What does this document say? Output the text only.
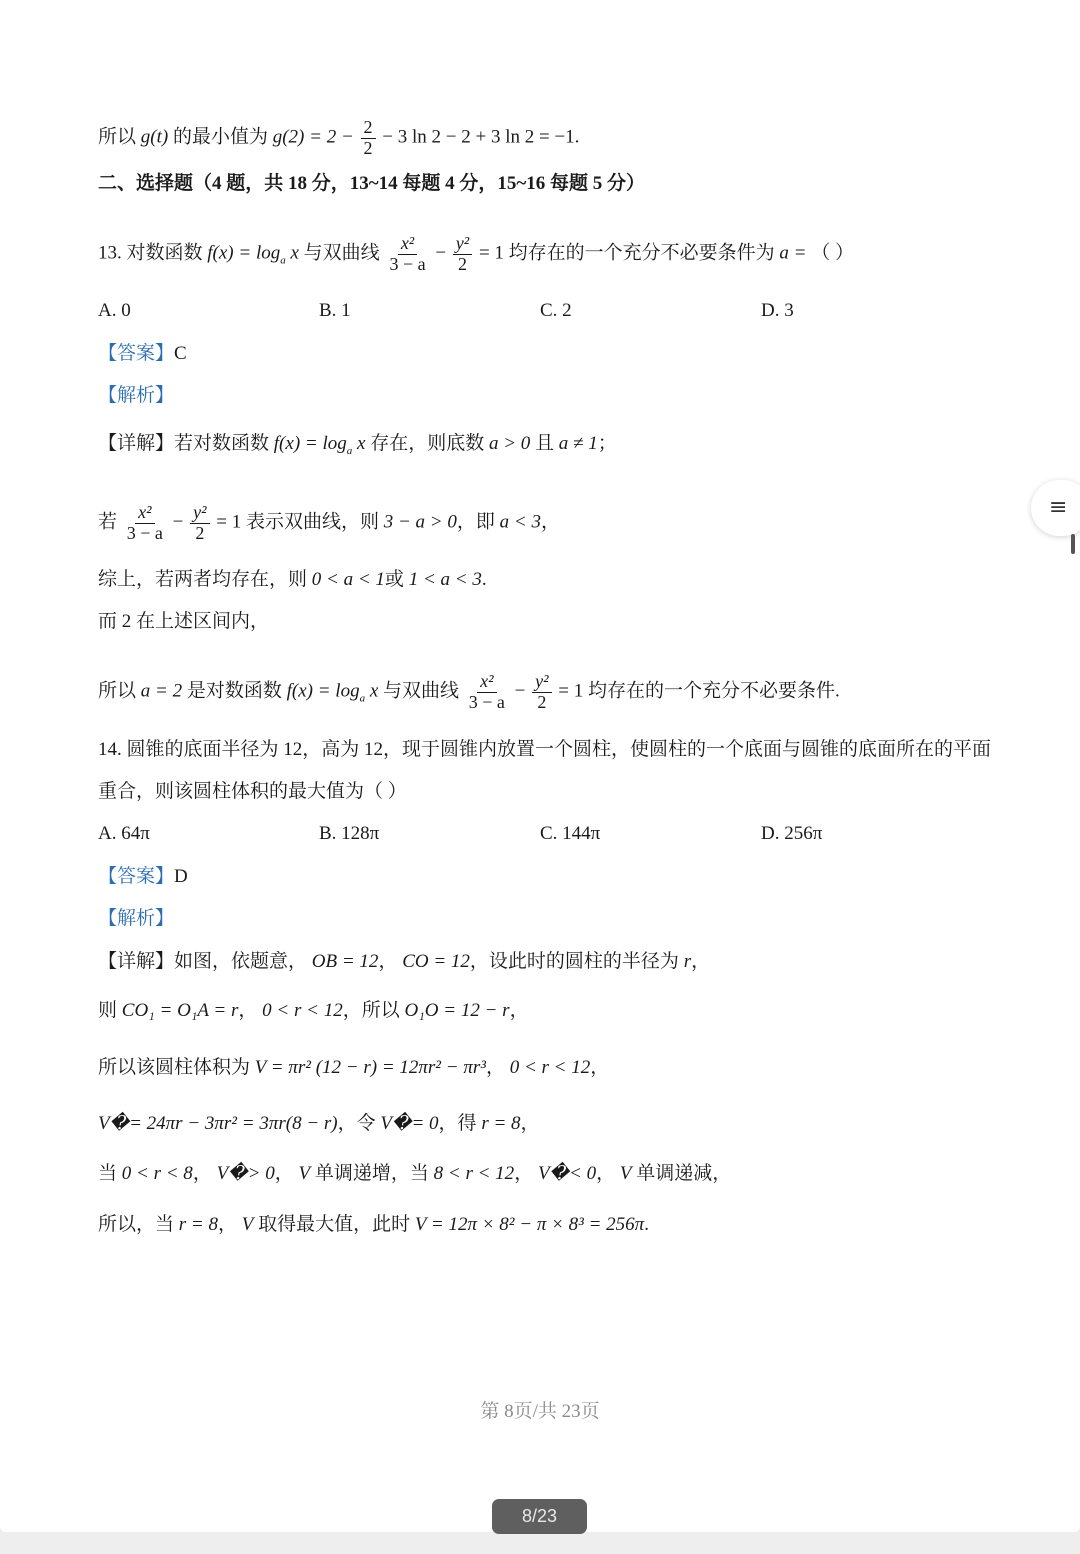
所以 g(t) 的最小值为 $g(2) = 2 - \frac{2}{2} - 3$ ln 2 − 2 + 3 ln 2 = −1.
二、选择题（4 题，共 18 分，13~14 每题 4 分，15~16 每题 5 分）
13. 对数函数 $f(x) = \log_a x$ 与双曲线 $\frac{\text{x²}}{3 - a} - \frac{\text{y²}}{2} = 1$ 均存在的一个充分不必要条件为 a = （ ）
A. 0	B. 1	C. 2	D. 3
【答案】C
【解析】
【详解】若对数函数 $f(x) = \log_a x$ 存在，则底数 a > 0 且 a ≠ 1；
若 $\frac{\text{x²}}{3 - a} - \frac{\text{y²}}{2} = 1$ 表示双曲线，则 3 − a > 0，即 a < 3，
综上，若两者均存在，则 0 < a < 1或 1 < a < 3.
而 2 在上述区间内，
所以 a = 2 是对数函数 $f(x) = \log_a x$ 与双曲线 $\frac{\text{x²}}{3 - a} - \frac{\text{y²}}{2} = 1$ 均存在的一个充分不必要条件.
14. 圆锥的底面半径为 12，高为 12，现于圆锥内放置一个圆柱，使圆柱的一个底面与圆锥的底面所在的平面
重合，则该圆柱体积的最大值为（ ）
A. 64π	B. 128π	C. 144π	D. 256π
【答案】D
【解析】
【详解】如图，依题意， OB = 12， CO = 12，设此时的圆柱的半径为 r，
则 CO₁ = O₁A = r， 0 < r < 12，所以 O₁O = 12 − r，
所以该圆柱体积为 V = πr² (12 − r) = 12πr² − πr³， 0 < r < 12，
V�= 24πr − 3πr² = 3πr(8 − r)，令 V�= 0，得 r = 8，
当 0 < r < 8， V�> 0， V 单调递增，当 8 < r < 12， V�< 0， V 单调递减，
所以，当 r = 8， V 取得最大值，此时 V = 12π × 8² − π × 8³ = 256π.
第 8页/共 23页
≡
8/23
